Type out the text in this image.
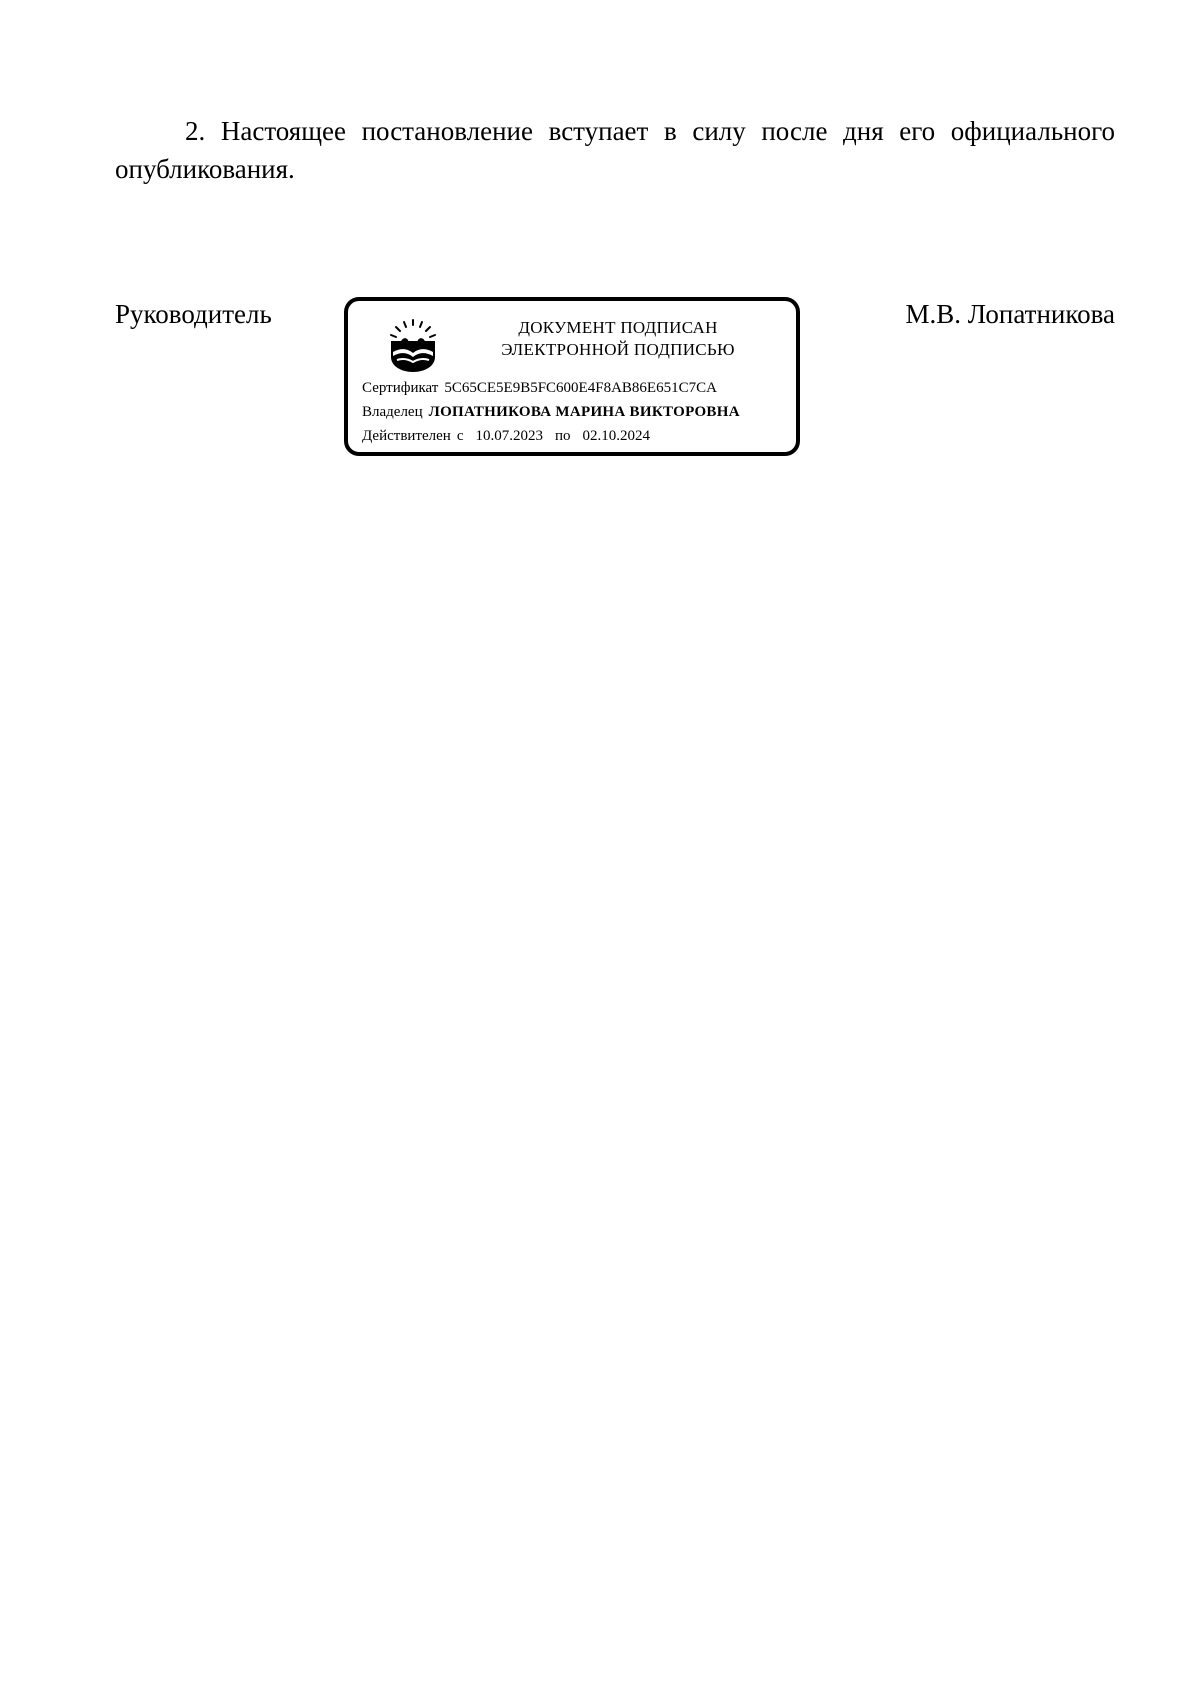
2. Настоящее постановление вступает в силу после дня его официального опубликования.

Руководитель	ДОКУМЕНТ ПОДПИСАН
ЭЛЕКТРОННОЙ ПОДПИСЬЮ
Сертификат 5C65CE5E9B5FC600E4F8AB86E651C7CA
Владелец ЛОПАТНИКОВА МАРИНА ВИКТОРОВНА
Действителен с 10.07.2023 по 02.10.2024
М.В. Лопатникова
